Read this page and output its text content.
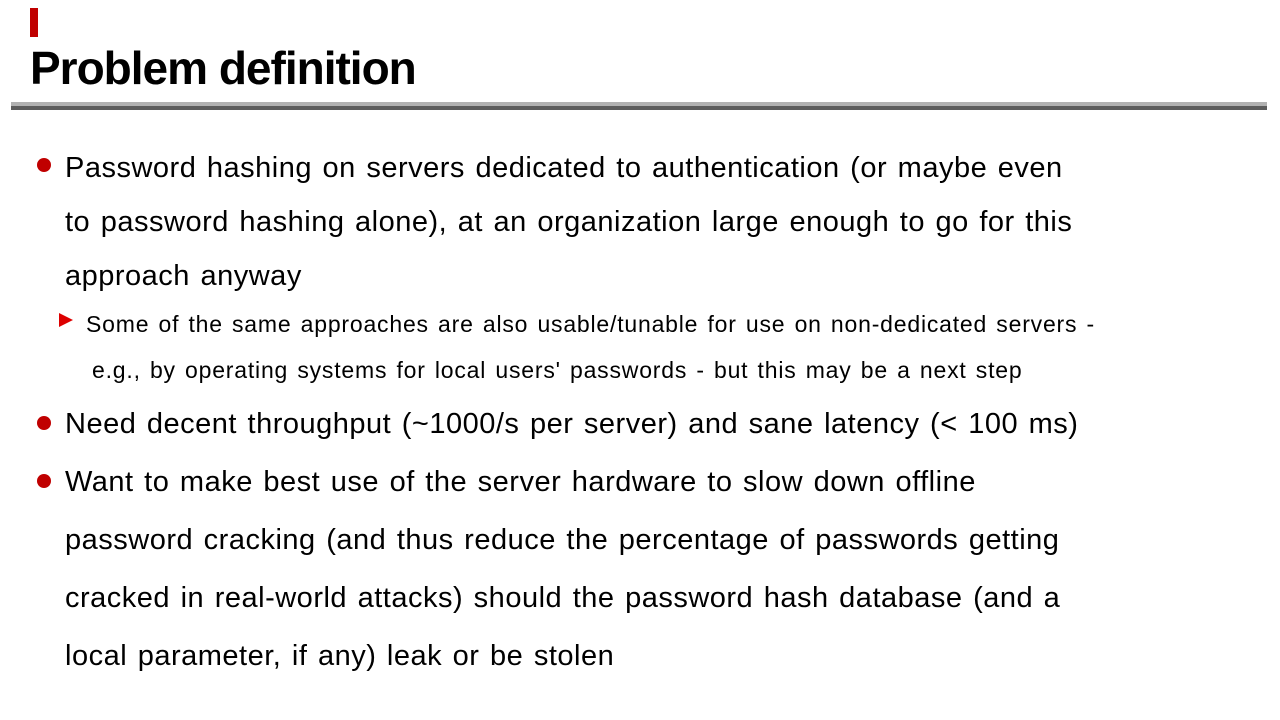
Problem definition
Password hashing on servers dedicated to authentication (or maybe even
to password hashing alone), at an organization large enough to go for this
approach anyway
Some of the same approaches are also usable/tunable for use on non-dedicated servers -
e.g., by operating systems for local users' passwords - but this may be a next step
Need decent throughput (~1000/s per server) and sane latency (< 100 ms)
Want to make best use of the server hardware to slow down offline
password cracking (and thus reduce the percentage of passwords getting
cracked in real-world attacks) should the password hash database (and a
local parameter, if any) leak or be stolen
